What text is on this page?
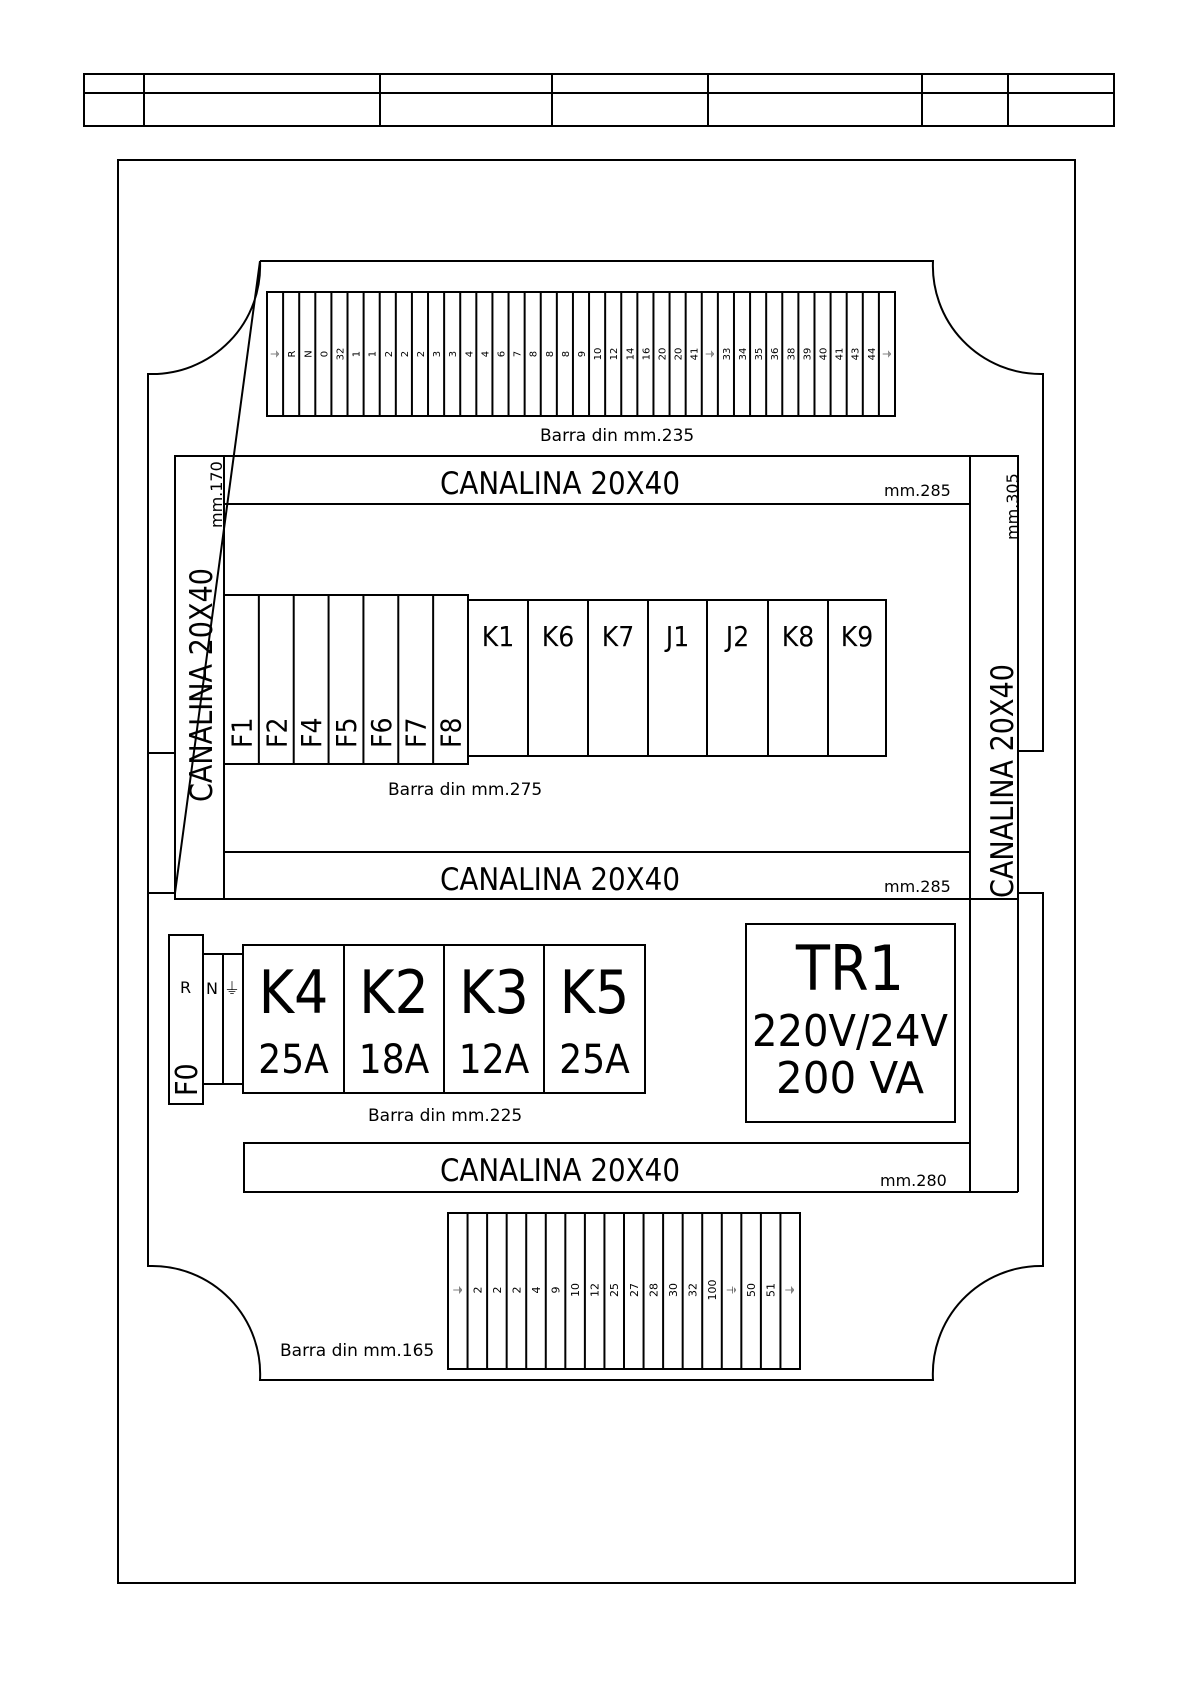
⏚ R N 0 32 1 1 2 2 2 3 3 4 4 6 7 8 8 8 9 10 12 14 16 20 20 41 ⏚ 33 34 35 36 38 39 40 41 43 44 ⏚
Barra din mm.235
CANALINA 20X40	mm.285
mm.170
CANALINA 20X40
mm.305
CANALINA 20X40
F1 F2 F4 F5 F6 F7 F8
K1 K6 K7 J1 J2 K8 K9
Barra din mm.275
CANALINA 20X40	mm.285
R N ⏚
F0
K4
25A
K2
18A
K3
12A
K5
25A
Barra din mm.225
TR1
220V/24V
200 VA
CANALINA 20X40	mm.280
⏚ 2 2 2 4 9 10 12 25 27 28 30 32 100 ⏚ 50 51 ⏚
Barra din mm.165
